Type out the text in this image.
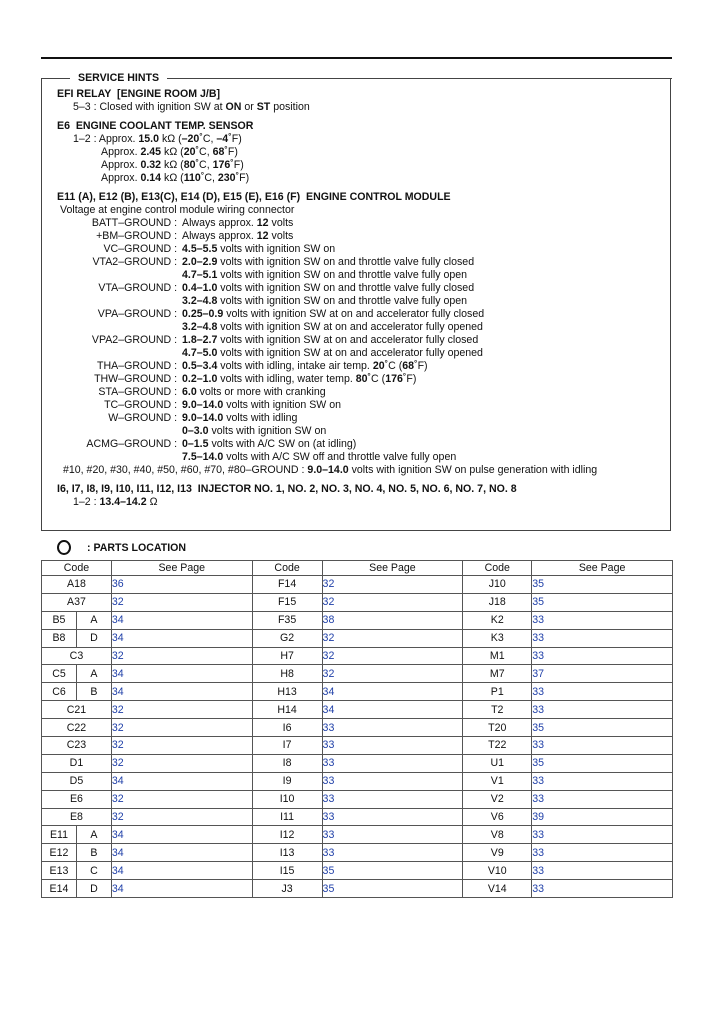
SERVICE HINTS
EFI RELAY  [ENGINE ROOM J/B]
5–3 : Closed with ignition SW at ON or ST position
E6  ENGINE COOLANT TEMP. SENSOR
1–2 : Approx. 15.0 kΩ (–20˚C, –4˚F)
Approx. 2.45 kΩ (20˚C, 68˚F)
Approx. 0.32 kΩ (80˚C, 176˚F)
Approx. 0.14 kΩ (110˚C, 230˚F)
E11 (A), E12 (B), E13(C), E14 (D), E15 (E), E16 (F)  ENGINE CONTROL MODULE
Voltage at engine control module wiring connector
BATT–GROUND : Always approx. 12 volts
+BM–GROUND : Always approx. 12 volts
VC–GROUND : 4.5–5.5 volts with ignition SW on
VTA2–GROUND : 2.0–2.9 volts with ignition SW on and throttle valve fully closed
4.7–5.1 volts with ignition SW on and throttle valve fully open
VTA–GROUND : 0.4–1.0 volts with ignition SW on and throttle valve fully closed
3.2–4.8 volts with ignition SW on and throttle valve fully open
VPA–GROUND : 0.25–0.9 volts with ignition SW at on and accelerator fully closed
3.2–4.8 volts with ignition SW at on and accelerator fully opened
VPA2–GROUND : 1.8–2.7 volts with ignition SW at on and accelerator fully closed
4.7–5.0 volts with ignition SW at on and accelerator fully opened
THA–GROUND : 0.5–3.4 volts with idling, intake air temp. 20˚C (68˚F)
THW–GROUND : 0.2–1.0 volts with idling, water temp. 80˚C (176˚F)
STA–GROUND : 6.0 volts or more with cranking
TC–GROUND : 9.0–14.0 volts with ignition SW on
W–GROUND : 9.0–14.0 volts with idling
0–3.0 volts with ignition SW on
ACMG–GROUND : 0–1.5 volts with A/C SW on (at idling)
7.5–14.0 volts with A/C SW off and throttle valve fully open
#10, #20, #30, #40, #50, #60, #70, #80–GROUND : 9.0–14.0 volts with ignition SW on pulse generation with idling
I6, I7, I8, I9, I10, I11, I12, I13  INJECTOR NO. 1, NO. 2, NO. 3, NO. 4, NO. 5, NO. 6, NO. 7, NO. 8
1–2 : 13.4–14.2 Ω
: PARTS LOCATION
Code		See Page	Code	See Page	Code	See Page
A18		36	F14	32	J10	35
A37		32	F15	32	J18	35
B5	A	34	F35	38	K2	33
B8	D	34	G2	32	K3	33
C3		32	H7	32	M1	33
C5	A	34	H8	32	M7	37
C6	B	34	H13	34	P1	33
C21		32	H14	34	T2	33
C22		32	I6	33	T20	35
C23		32	I7	33	T22	33
D1		32	I8	33	U1	35
D5		34	I9	33	V1	33
E6		32	I10	33	V2	33
E8		32	I11	33	V6	39
E11	A	34	I12	33	V8	33
E12	B	34	I13	33	V9	33
E13	C	34	I15	35	V10	33
E14	D	34	J3	35	V14	33
